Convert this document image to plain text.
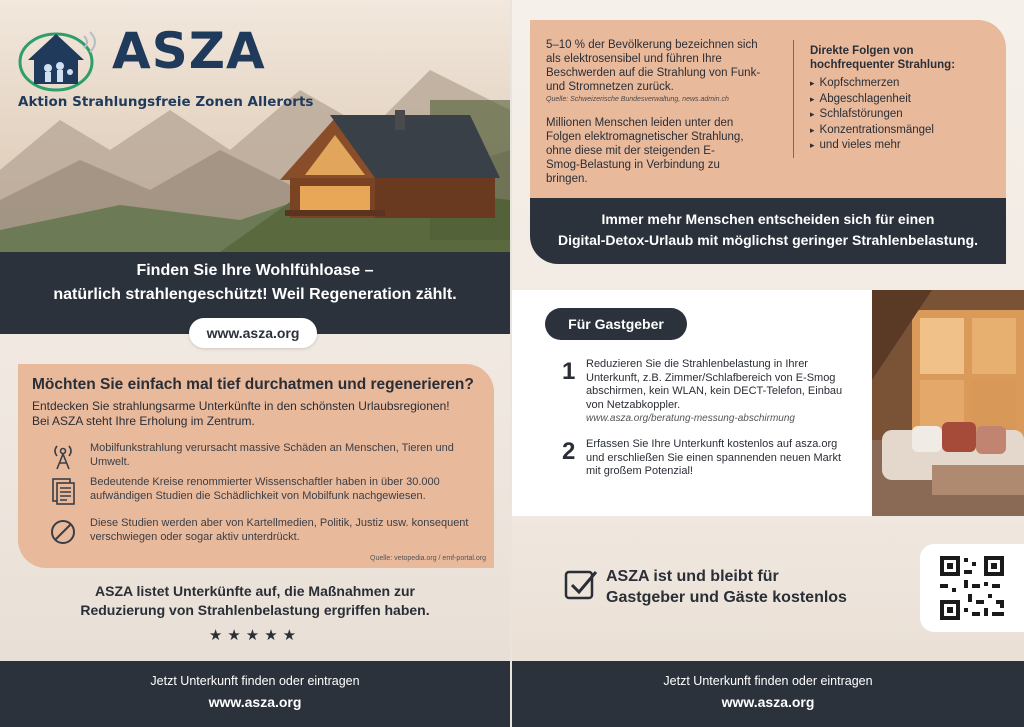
ASZA
Aktion Strahlungsfreie Zonen Allerorts
Finden Sie Ihre Wohlfühloase –
natürlich strahlengeschützt! Weil Regeneration zählt.
www.asza.org
Möchten Sie einfach mal tief durchatmen und regenerieren?
Entdecken Sie strahlungsarme Unterkünfte in den schönsten Urlaubsregionen! Bei ASZA steht Ihre Erholung im Zentrum.
Mobilfunkstrahlung verursacht massive Schäden an Menschen, Tieren und Umwelt.
Bedeutende Kreise renommierter Wissenschaftler haben in über 30.000 aufwändigen Studien die Schädlichkeit von Mobilfunk nachgewiesen.
Diese Studien werden aber von Kartellmedien, Politik, Justiz usw. konsequent verschwiegen oder sogar aktiv unterdrückt.
Quelle: vetopedia.org / emf-portal.org
ASZA listet Unterkünfte auf, die Maßnahmen zur
Reduzierung von Strahlenbelastung ergriffen haben.
★★★★★
Jetzt Unterkunft finden oder eintragen
www.asza.org
5–10 % der Bevölkerung bezeichnen sich als elektrosensibel und führen Ihre Beschwerden auf die Strahlung von Funk- und Stromnetzen zurück.
Quelle: Schweizerische Bundesverwaltung, news.admin.ch
Millionen Menschen leiden unter den Folgen elektromagnetischer Strahlung, ohne diese mit der steigenden E-Smog-Belastung in Verbindung zu bringen.
Direkte Folgen von
hochfrequenter Strahlung:
▸ Kopfschmerzen
▸ Abgeschlagenheit
▸ Schlafstörungen
▸ Konzentrationsmängel
▸ und vieles mehr
Immer mehr Menschen entscheiden sich für einen
Digital-Detox-Urlaub mit möglichst geringer Strahlenbelastung.
Für Gastgeber
1 Reduzieren Sie die Strahlenbelastung in Ihrer Unterkunft, z.B. Zimmer/Schlafbereich von E-Smog abschirmen, kein WLAN, kein DECT-Telefon, Einbau von Netzabkoppler.
www.asza.org/beratung-messung-abschirmung
2 Erfassen Sie Ihre Unterkunft kostenlos auf asza.org und erschließen Sie einen spannenden neuen Markt mit großem Potenzial!
ASZA ist und bleibt für
Gastgeber und Gäste kostenlos
Jetzt Unterkunft finden oder eintragen
www.asza.org
